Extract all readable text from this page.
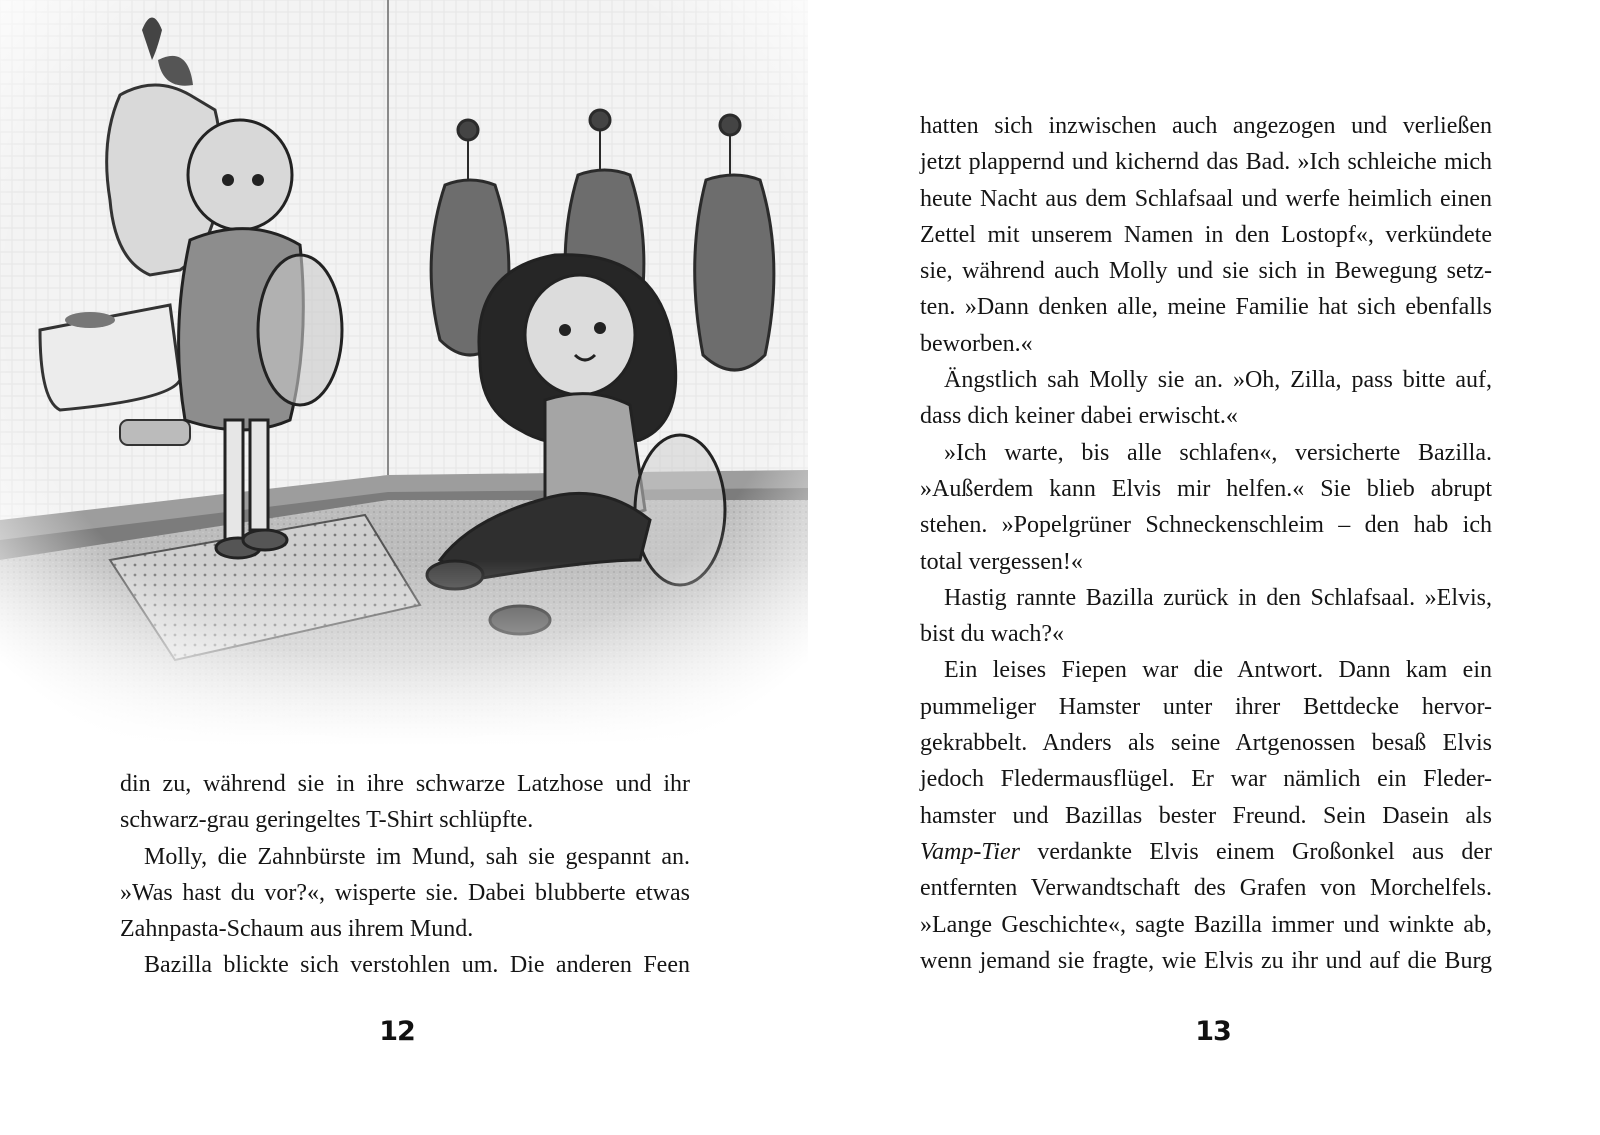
din zu, während sie in ihre schwarze Latzhose und ihr
schwarz-grau geringeltes T-Shirt schlüpfte.

Molly, die Zahnbürste im Mund, sah sie gespannt an.
»Was hast du vor?«, wisperte sie. Dabei blubberte etwas
Zahnpasta-Schaum aus ihrem Mund.

Bazilla blickte sich verstohlen um. Die anderen Feen

12

hatten sich inzwischen auch angezogen und verließen
jetzt plappernd und kichernd das Bad. »Ich schleiche mich
heute Nacht aus dem Schlafsaal und werfe heimlich einen
Zettel mit unserem Namen in den Lostopf«, verkündete
sie, während auch Molly und sie sich in Bewegung setz-
ten. »Dann denken alle, meine Familie hat sich ebenfalls
beworben.«

Ängstlich sah Molly sie an. »Oh, Zilla, pass bitte auf,
dass dich keiner dabei erwischt.«

»Ich warte, bis alle schlafen«, versicherte Bazilla.
»Außerdem kann Elvis mir helfen.« Sie blieb abrupt
stehen. »Popelgrüner Schneckenschleim – den hab ich
total vergessen!«

Hastig rannte Bazilla zurück in den Schlafsaal. »Elvis,
bist du wach?«

Ein leises Fiepen war die Antwort. Dann kam ein
pummeliger Hamster unter ihrer Bettdecke hervor-
gekrabbelt. Anders als seine Artgenossen besaß Elvis
jedoch Fledermausflügel. Er war nämlich ein Fleder-
hamster und Bazillas bester Freund. Sein Dasein als
Vamp-Tier verdankte Elvis einem Großonkel aus der
entfernten Verwandtschaft des Grafen von Morchelfels.
»Lange Geschichte«, sagte Bazilla immer und winkte ab,
wenn jemand sie fragte, wie Elvis zu ihr und auf die Burg

13
